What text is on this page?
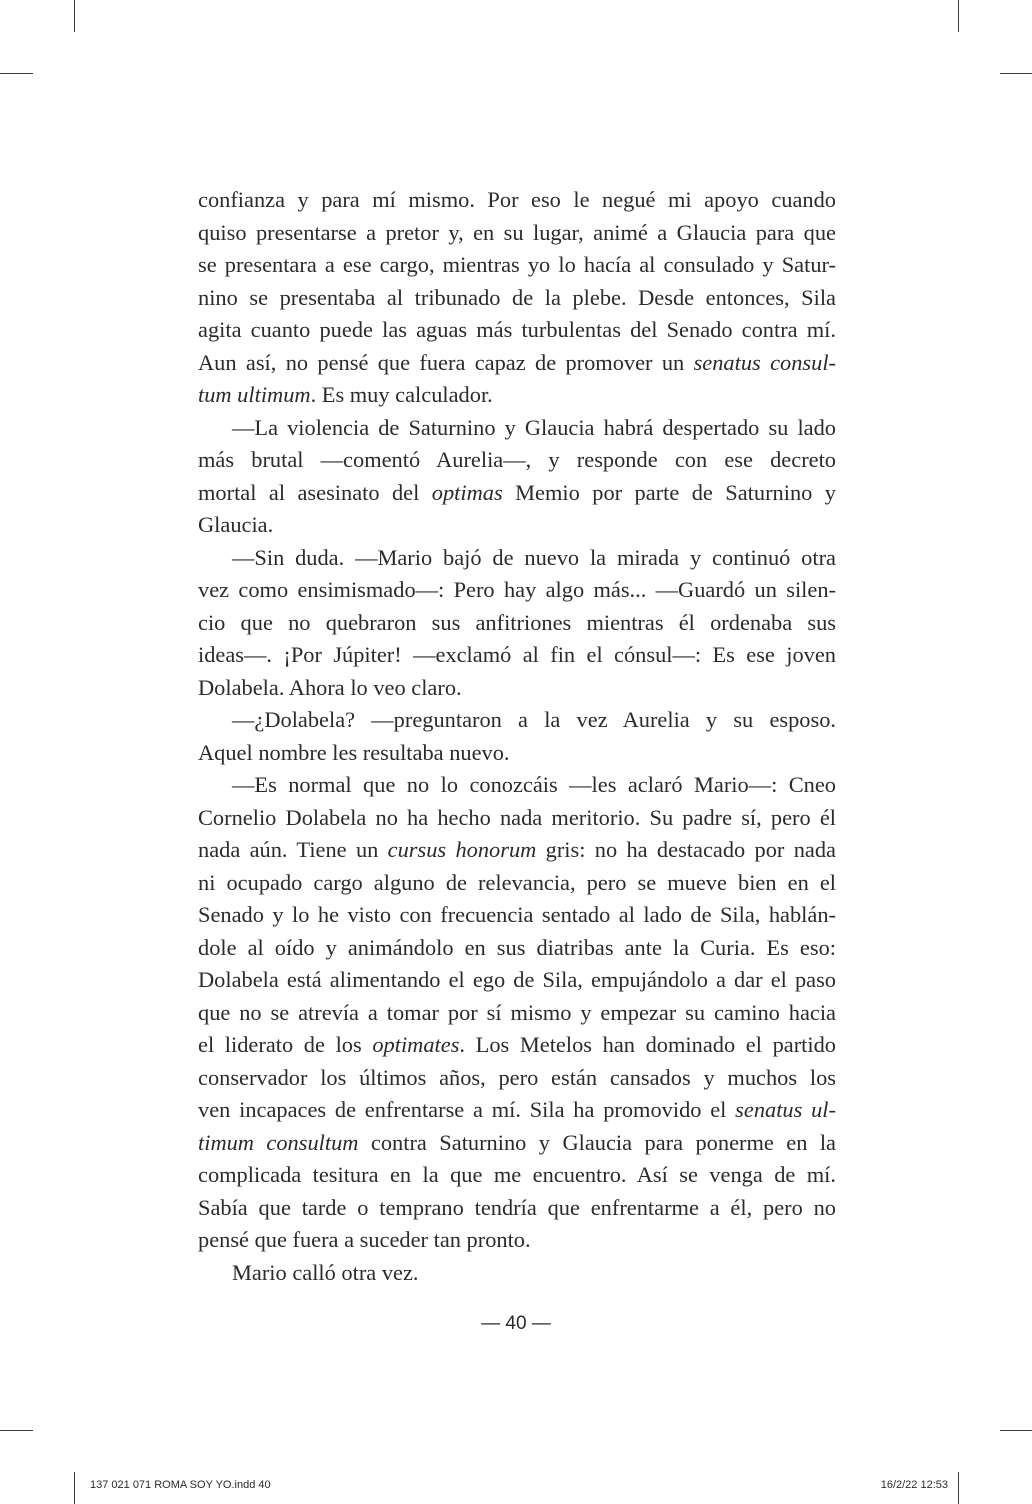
confianza y para mí mismo. Por eso le negué mi apoyo cuando
quiso presentarse a pretor y, en su lugar, animé a Glaucia para que
se presentara a ese cargo, mientras yo lo hacía al consulado y Satur-
nino se presentaba al tribunado de la plebe. Desde entonces, Sila
agita cuanto puede las aguas más turbulentas del Senado contra mí.
Aun así, no pensé que fuera capaz de promover un senatus consul-
tum ultimum. Es muy calculador.
—La violencia de Saturnino y Glaucia habrá despertado su lado
más brutal —comentó Aurelia—, y responde con ese decreto
mortal al asesinato del optimas Memio por parte de Saturnino y
Glaucia.
—Sin duda. —Mario bajó de nuevo la mirada y continuó otra
vez como ensimismado—: Pero hay algo más... —Guardó un silen-
cio que no quebraron sus anfitriones mientras él ordenaba sus
ideas—. ¡Por Júpiter! —exclamó al fin el cónsul—: Es ese joven
Dolabela. Ahora lo veo claro.
—¿Dolabela? —preguntaron a la vez Aurelia y su esposo.
Aquel nombre les resultaba nuevo.
—Es normal que no lo conozcáis —les aclaró Mario—: Cneo
Cornelio Dolabela no ha hecho nada meritorio. Su padre sí, pero él
nada aún. Tiene un cursus honorum gris: no ha destacado por nada
ni ocupado cargo alguno de relevancia, pero se mueve bien en el
Senado y lo he visto con frecuencia sentado al lado de Sila, hablán-
dole al oído y animándolo en sus diatribas ante la Curia. Es eso:
Dolabela está alimentando el ego de Sila, empujándolo a dar el paso
que no se atrevía a tomar por sí mismo y empezar su camino hacia
el liderato de los optimates. Los Metelos han dominado el partido
conservador los últimos años, pero están cansados y muchos los
ven incapaces de enfrentarse a mí. Sila ha promovido el senatus ul-
timum consultum contra Saturnino y Glaucia para ponerme en la
complicada tesitura en la que me encuentro. Así se venga de mí.
Sabía que tarde o temprano tendría que enfrentarme a él, pero no
pensé que fuera a suceder tan pronto.
Mario calló otra vez.
— 40 —
137 021 071 ROMA SOY YO.indd 40	16/2/22 12:53
